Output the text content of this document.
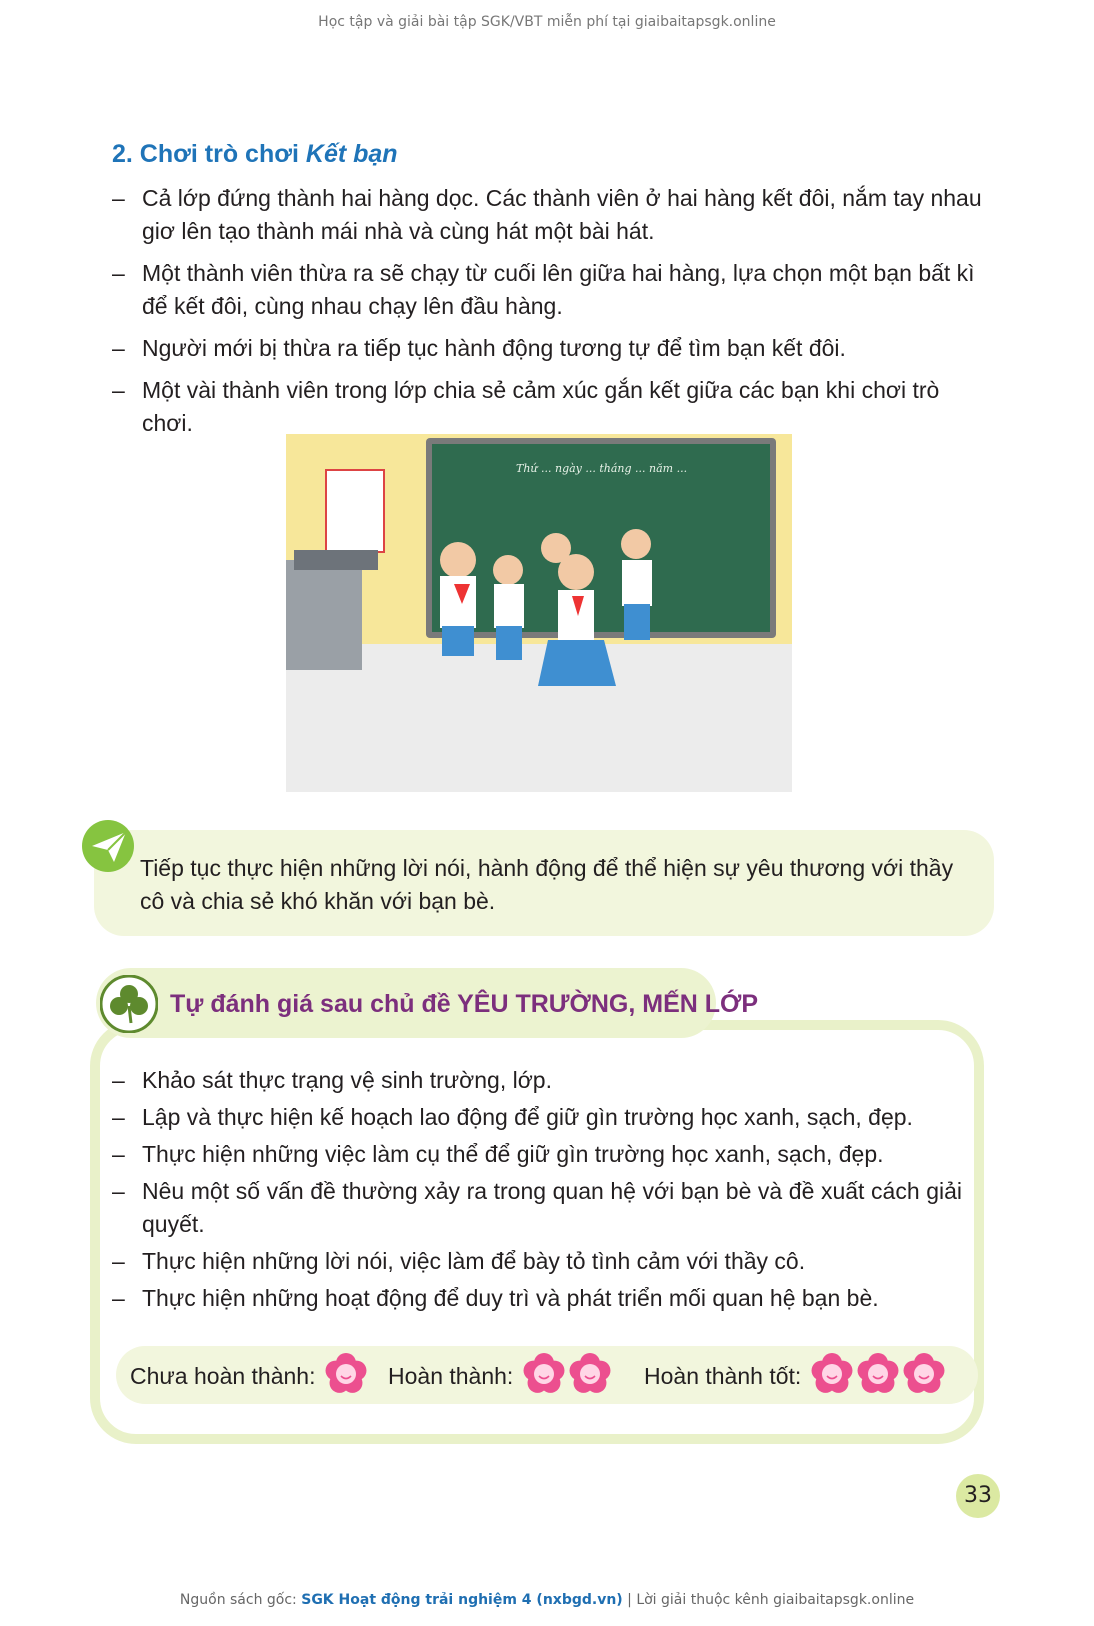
Học tập và giải bài tập SGK/VBT miễn phí tại giaibaitapsgk.online
2. Chơi trò chơi Kết bạn
– Cả lớp đứng thành hai hàng dọc. Các thành viên ở hai hàng kết đôi, nắm tay nhau giơ lên tạo thành mái nhà và cùng hát một bài hát.
– Một thành viên thừa ra sẽ chạy từ cuối lên giữa hai hàng, lựa chọn một bạn bất kì để kết đôi, cùng nhau chạy lên đầu hàng.
– Người mới bị thừa ra tiếp tục hành động tương tự để tìm bạn kết đôi.
– Một vài thành viên trong lớp chia sẻ cảm xúc gắn kết giữa các bạn khi chơi trò chơi.
Thứ ... ngày ... tháng ... năm ...
Tiếp tục thực hiện những lời nói, hành động để thể hiện sự yêu thương với thầy cô và chia sẻ khó khăn với bạn bè.
Tự đánh giá sau chủ đề YÊU TRƯỜNG, MẾN LỚP
– Khảo sát thực trạng vệ sinh trường, lớp.
– Lập và thực hiện kế hoạch lao động để giữ gìn trường học xanh, sạch, đẹp.
– Thực hiện những việc làm cụ thể để giữ gìn trường học xanh, sạch, đẹp.
– Nêu một số vấn đề thường xảy ra trong quan hệ với bạn bè và đề xuất cách giải quyết.
– Thực hiện những lời nói, việc làm để bày tỏ tình cảm với thầy cô.
– Thực hiện những hoạt động để duy trì và phát triển mối quan hệ bạn bè.
Chưa hoàn thành:	Hoàn thành:	Hoàn thành tốt:
33
Nguồn sách gốc: SGK Hoạt động trải nghiệm 4 (nxbgd.vn) | Lời giải thuộc kênh giaibaitapsgk.online
